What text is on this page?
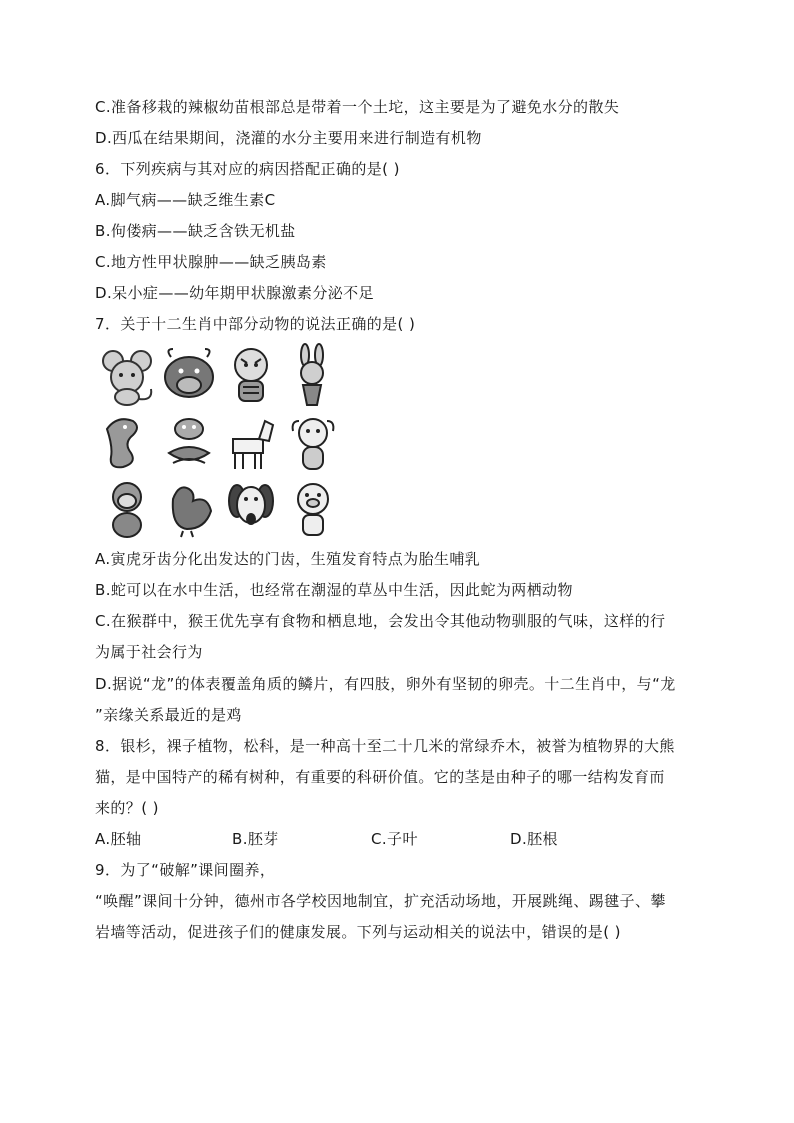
C.准备移栽的辣椒幼苗根部总是带着一个土坨，这主要是为了避免水分的散失
D.西瓜在结果期间，浇灌的水分主要用来进行制造有机物
6．下列疾病与其对应的病因搭配正确的是( )
A.脚气病——缺乏维生素C
B.佝偻病——缺乏含铁无机盐
C.地方性甲状腺肿——缺乏胰岛素
D.呆小症——幼年期甲状腺激素分泌不足
7．关于十二生肖中部分动物的说法正确的是( )
A.寅虎牙齿分化出发达的门齿，生殖发育特点为胎生哺乳
B.蛇可以在水中生活，也经常在潮湿的草丛中生活，因此蛇为两栖动物
C.在猴群中，猴王优先享有食物和栖息地，会发出令其他动物驯服的气味，这样的行
为属于社会行为
D.据说“龙”的体表覆盖角质的鳞片，有四肢，卵外有坚韧的卵壳。十二生肖中，与“龙
”亲缘关系最近的是鸡
8．银杉，裸子植物，松科，是一种高十至二十几米的常绿乔木，被誉为植物界的大熊
猫，是中国特产的稀有树种，有重要的科研价值。它的茎是由种子的哪一结构发育而
来的？( )
A.胚轴	B.胚芽	C.子叶	D.胚根
9．为了“破解”课间圈养，
“唤醒”课间十分钟，德州市各学校因地制宜，扩充活动场地，开展跳绳、踢毽子、攀
岩墙等活动，促进孩子们的健康发展。下列与运动相关的说法中，错误的是( )
